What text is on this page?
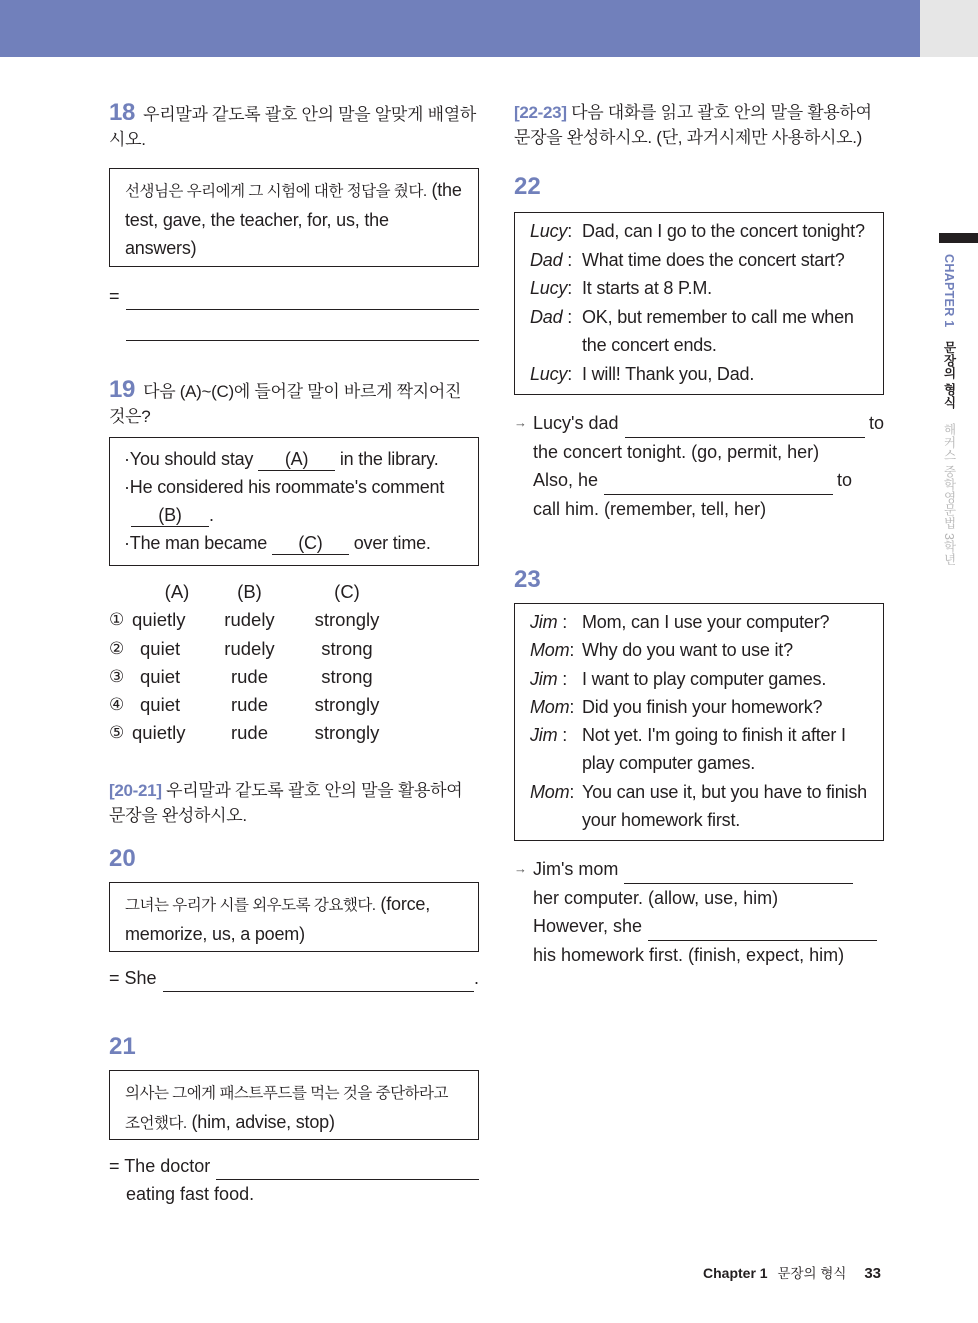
18 우리말과 같도록 괄호 안의 말을 알맞게 배열하시오.
선생님은 우리에게 그 시험에 대한 정답을 줬다. (the test, gave, the teacher, for, us, the answers)
=
19 다음 (A)~(C)에 들어갈 말이 바르게 짝지어진 것은?
·You should stay (A) in the library.
·He considered his roommate's comment (B) .
·The man became (C) over time.
(A)	(B)	(C)
① quietly	rudely	strongly
② quiet	rudely	strong
③ quiet	rude	strong
④ quiet	rude	strongly
⑤ quietly	rude	strongly
[20-21] 우리말과 같도록 괄호 안의 말을 활용하여 문장을 완성하시오.
20
그녀는 우리가 시를 외우도록 강요했다. (force, memorize, us, a poem)
= She	.
21
의사는 그에게 패스트푸드를 먹는 것을 중단하라고 조언했다. (him, advise, stop)
= The doctor
eating fast food.
[22-23] 다음 대화를 읽고 괄호 안의 말을 활용하여 문장을 완성하시오. (단, 과거시제만 사용하시오.)
22
Lucy: Dad, can I go to the concert tonight?
Dad : What time does the concert start?
Lucy: It starts at 8 P.M.
Dad : OK, but remember to call me when the concert ends.
Lucy: I will! Thank you, Dad.
→ Lucy's dad	to
the concert tonight. (go, permit, her)
Also, he	to
call him. (remember, tell, her)
23
Jim : Mom, can I use your computer?
Mom: Why do you want to use it?
Jim : I want to play computer games.
Mom: Did you finish your homework?
Jim : Not yet. I'm going to finish it after I play computer games.
Mom: You can use it, but you have to finish your homework first.
→ Jim's mom
her computer. (allow, use, him)
However, she
his homework first. (finish, expect, him)
CHAPTER 1 문장의 형식 해커스 중학영문법 3학년
Chapter 1 문장의 형식 33
